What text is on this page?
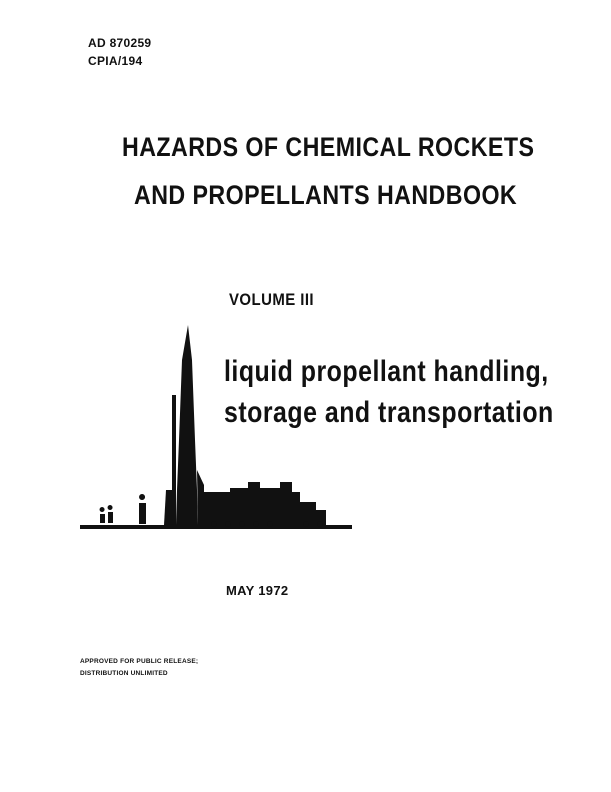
AD 870259
CPIA/194
HAZARDS OF CHEMICAL ROCKETS
AND PROPELLANTS HANDBOOK
VOLUME III
liquid propellant handling,
storage and transportation
MAY 1972
APPROVED FOR PUBLIC RELEASE;
DISTRIBUTION UNLIMITED
